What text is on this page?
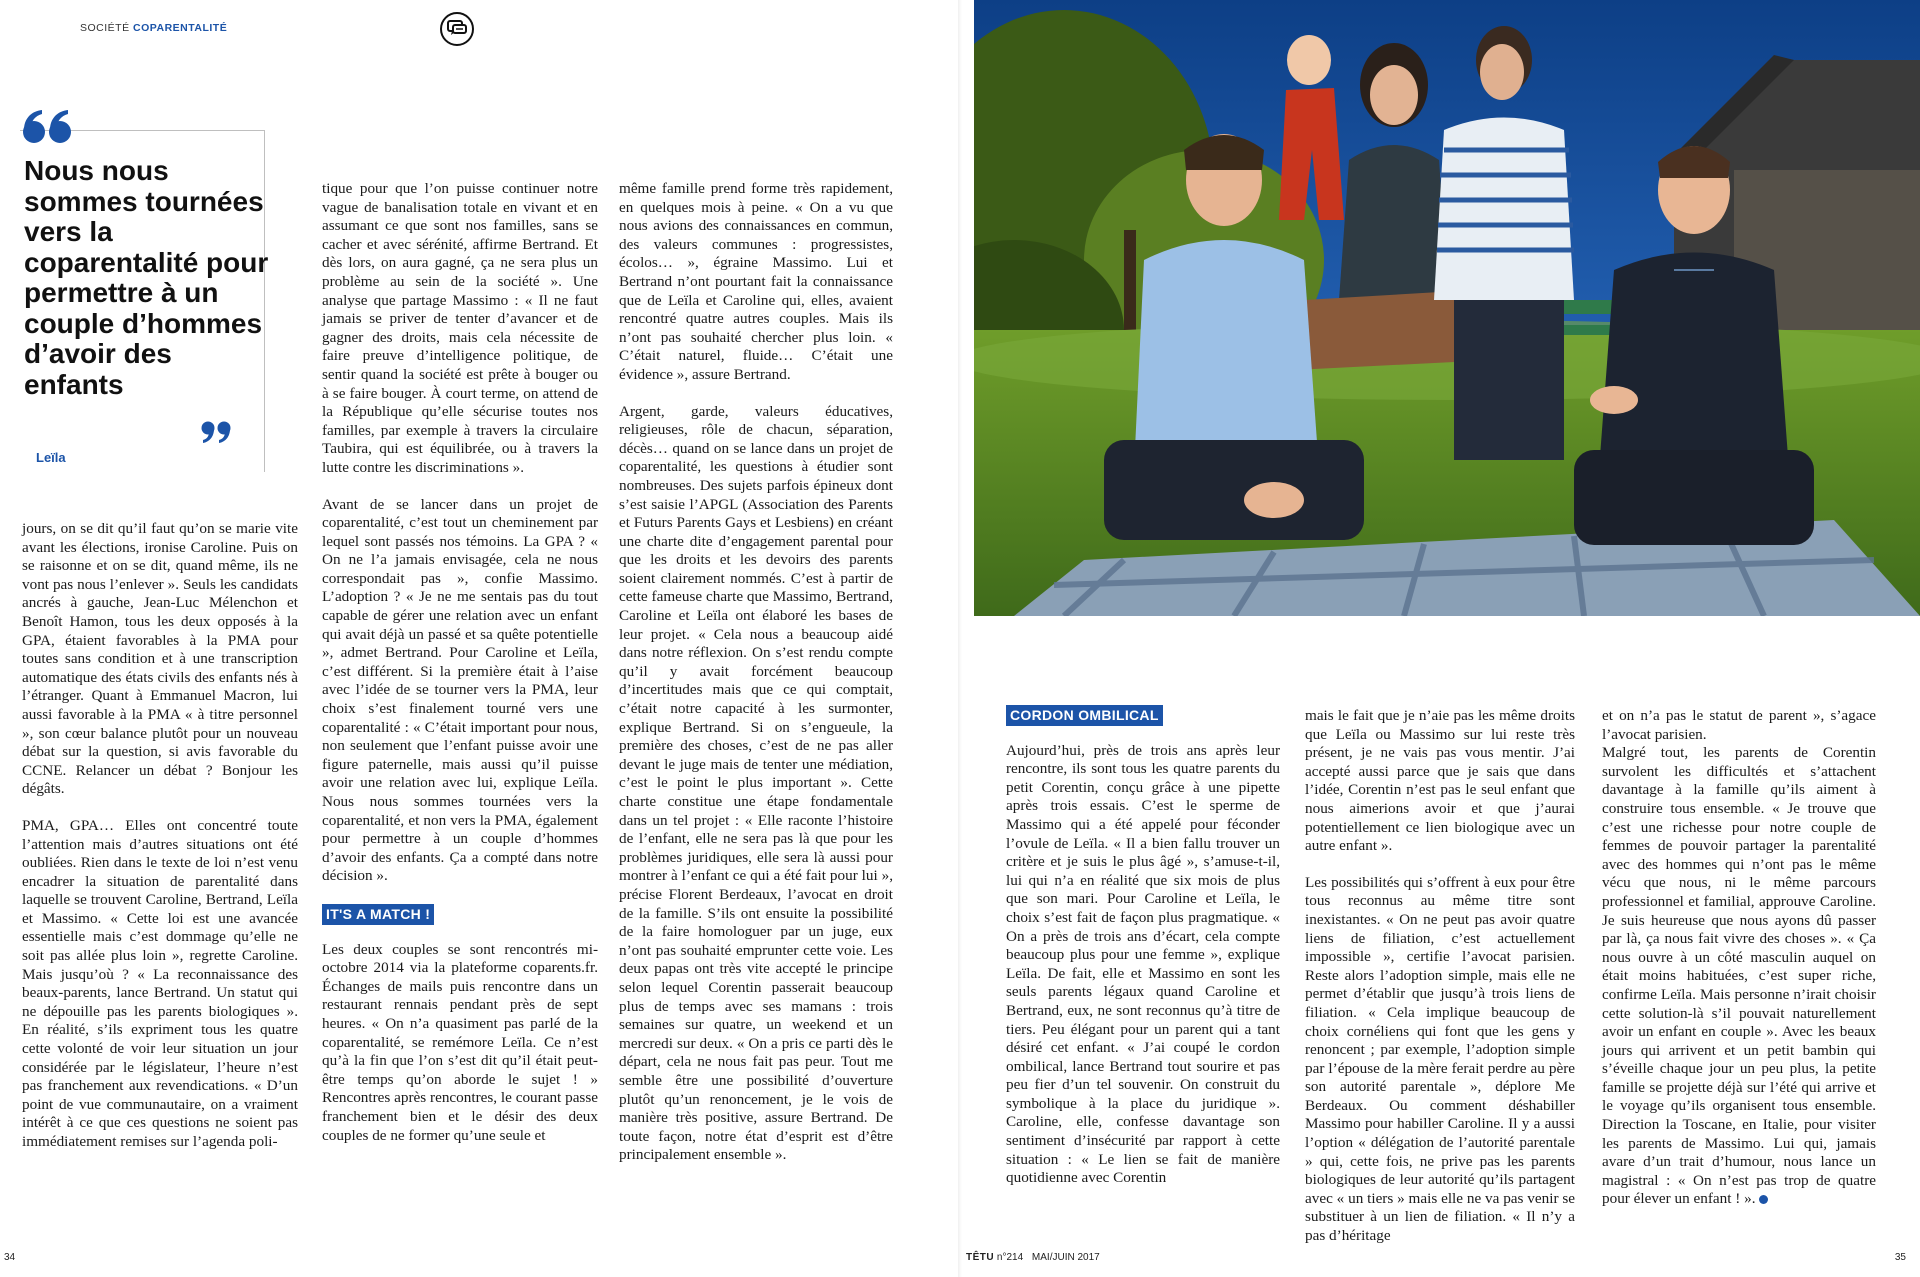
SOCIÉTÉ COPARENTALITÉ
Nous nous sommes tournées vers la coparentalité pour permettre à un couple d’hommes d’avoir des enfants
Leïla

jours, on se dit qu’il faut qu’on se marie vite avant les élections, ironise Caroline. Puis on se raisonne et on se dit, quand même, ils ne vont pas nous l’enlever ». Seuls les candidats ancrés à gauche, Jean-Luc Mélenchon et Benoît Hamon, tous les deux opposés à la GPA, étaient favorables à la PMA pour toutes sans condition et à une transcription automatique des états civils des enfants nés à l’étranger. Quant à Emmanuel Macron, lui aussi favorable à la PMA « à titre personnel », son cœur balance plutôt pour un nouveau débat sur la question, si avis favorable du CCNE. Relancer un débat ? Bonjour les dégâts.

PMA, GPA… Elles ont concentré toute l’attention mais d’autres situations ont été oubliées. Rien dans le texte de loi n’est venu encadrer la situation de parentalité dans laquelle se trouvent Caroline, Bertrand, Leïla et Massimo. « Cette loi est une avancée essentielle mais c’est dommage qu’elle ne soit pas allée plus loin », regrette Caroline. Mais jusqu’où ? « La reconnaissance des beaux-parents, lance Bertrand. Un statut qui ne dépouille pas les parents biologiques ». En réalité, s’ils expriment tous les quatre cette volonté de voir leur situation un jour considérée par le législateur, l’heure n’est pas franchement aux revendications. « D’un point de vue communautaire, on a vraiment intérêt à ce que ces questions ne soient pas immédiatement remises sur l’agenda poli-

tique pour que l’on puisse continuer notre vague de banalisation totale en vivant et en assumant ce que sont nos familles, sans se cacher et avec sérénité, affirme Bertrand. Et dès lors, on aura gagné, ça ne sera plus un problème au sein de la société ». Une analyse que partage Massimo : « Il ne faut jamais se priver de tenter d’avancer et de gagner des droits, mais cela nécessite de faire preuve d’intelligence politique, de sentir quand la société est prête à bouger ou à se faire bouger. À court terme, on attend de la République qu’elle sécurise toutes nos familles, par exemple à travers la circulaire Taubira, qui est équilibrée, ou à travers la lutte contre les discriminations ».

Avant de se lancer dans un projet de coparentalité, c’est tout un cheminement par lequel sont passés nos témoins. La GPA ? « On ne l’a jamais envisagée, cela ne nous correspondait pas », confie Massimo. L’adoption ? « Je ne me sentais pas du tout capable de gérer une relation avec un enfant qui avait déjà un passé et sa quête potentielle », admet Bertrand. Pour Caroline et Leïla, c’est différent. Si la première était à l’aise avec l’idée de se tourner vers la PMA, leur choix s’est finalement tourné vers une coparentalité : « C’était important pour nous, non seulement que l’enfant puisse avoir une figure paternelle, mais aussi qu’il puisse avoir une relation avec lui, explique Leïla. Nous nous sommes tournées vers la coparentalité, et non vers la PMA, également pour permettre à un couple d’hommes d’avoir des enfants. Ça a compté dans notre décision ».

IT'S A MATCH !

Les deux couples se sont rencontrés mi-octobre 2014 via la plateforme coparents.fr. Échanges de mails puis rencontre dans un restaurant rennais pendant près de sept heures. « On n’a quasiment pas parlé de la coparentalité, se remémore Leïla. Ce n’est qu’à la fin que l’on s’est dit qu’il était peut-être temps qu’on aborde le sujet ! » Rencontres après rencontres, le courant passe franchement bien et le désir des deux couples de ne former qu’une seule et

même famille prend forme très rapidement, en quelques mois à peine. « On a vu que nous avions des connaissances en commun, des valeurs communes : progressistes, écolos… », égraine Massimo. Lui et Bertrand n’ont pourtant fait la connaissance que de Leïla et Caroline qui, elles, avaient rencontré quatre autres couples. Mais ils n’ont pas souhaité chercher plus loin. « C’était naturel, fluide… C’était une évidence », assure Bertrand.

Argent, garde, valeurs éducatives, religieuses, rôle de chacun, séparation, décès… quand on se lance dans un projet de coparentalité, les questions à étudier sont nombreuses. Des sujets parfois épineux dont s’est saisie l’APGL (Association des Parents et Futurs Parents Gays et Lesbiens) en créant une charte dite d’engagement parental pour que les droits et les devoirs des parents soient clairement nommés. C’est à partir de cette fameuse charte que Massimo, Bertrand, Caroline et Leïla ont élaboré les bases de leur projet. « Cela nous a beaucoup aidé dans notre réflexion. On s’est rendu compte qu’il y avait forcément beaucoup d’incertitudes mais que ce qui comptait, c’était notre capacité à les surmonter, explique Bertrand. Si on s’engueule, la première des choses, c’est de ne pas aller devant le juge mais de tenter une médiation, c’est le point le plus important ». Cette charte constitue une étape fondamentale dans un tel projet : « Elle raconte l’histoire de l’enfant, elle ne sera pas là que pour les problèmes juridiques, elle sera là aussi pour montrer à l’enfant ce qui a été fait pour lui », précise Florent Berdeaux, l’avocat en droit de la famille. S’ils ont ensuite la possibilité de la faire homologuer par un juge, eux n’ont pas souhaité emprunter cette voie. Les deux papas ont très vite accepté le principe selon lequel Corentin passerait beaucoup plus de temps avec ses mamans : trois semaines sur quatre, un weekend et un mercredi sur deux. « On a pris ce parti dès le départ, cela ne nous fait pas peur. Tout me semble être une possibilité d’ouverture plutôt qu’un renoncement, je le vois de manière très positive, assure Bertrand. De toute façon, notre état d’esprit est d’être principalement ensemble ».

34
CORDON OMBILICAL

Aujourd’hui, près de trois ans après leur rencontre, ils sont tous les quatre parents du petit Corentin, conçu grâce à une pipette après trois essais. C’est le sperme de Massimo qui a été appelé pour féconder l’ovule de Leïla. « Il a bien fallu trouver un critère et je suis le plus âgé », s’amuse-t-il, lui qui n’a en réalité que six mois de plus que son mari. Pour Caroline et Leïla, le choix s’est fait de façon plus pragmatique. « On a près de trois ans d’écart, cela compte beaucoup plus pour une femme », explique Leïla. De fait, elle et Massimo en sont les seuls parents légaux quand Caroline et Bertrand, eux, ne sont reconnus qu’à titre de tiers. Peu élégant pour un parent qui a tant désiré cet enfant. « J’ai coupé le cordon ombilical, lance Bertrand tout sourire et pas peu fier d’un tel souvenir. On construit du symbolique à la place du juridique ». Caroline, elle, confesse davantage son sentiment d’insécurité par rapport à cette situation : « Le lien se fait de manière quotidienne avec Corentin

mais le fait que je n’aie pas les même droits que Leïla ou Massimo sur lui reste très présent, je ne vais pas vous mentir. J’ai accepté aussi parce que je sais que dans l’idée, Corentin n’est pas le seul enfant que nous aimerions avoir et que j’aurai potentiellement ce lien biologique avec un autre enfant ».

Les possibilités qui s’offrent à eux pour être tous reconnus au même titre sont inexistantes. « On ne peut pas avoir quatre liens de filiation, c’est actuellement impossible », certifie l’avocat parisien. Reste alors l’adoption simple, mais elle ne permet d’établir que jusqu’à trois liens de filiation. « Cela implique beaucoup de choix cornéliens qui font que les gens y renoncent ; par exemple, l’adoption simple par l’épouse de la mère ferait perdre au père son autorité parentale », déplore Me Berdeaux. Ou comment déshabiller Massimo pour habiller Caroline. Il y a aussi l’option « délégation de l’autorité parentale » qui, cette fois, ne prive pas les parents biologiques de leur autorité qu’ils partagent avec « un tiers » mais elle ne va pas venir se substituer à un lien de filiation. « Il n’y a pas d’héritage

et on n’a pas le statut de parent », s’agace l’avocat parisien.

Malgré tout, les parents de Corentin survolent les difficultés et s’attachent davantage à la famille qu’ils aiment à construire tous ensemble. « Je trouve que c’est une richesse pour notre couple de femmes de pouvoir partager la parentalité avec des hommes qui n’ont pas le même vécu que nous, ni le même parcours professionnel et familial, approuve Caroline. Je suis heureuse que nous ayons dû passer par là, ça nous fait vivre des choses ». « Ça nous ouvre à un côté masculin auquel on était moins habituées, c’est super riche, confirme Leïla. Mais personne n’irait choisir cette solution-là s’il pouvait naturellement avoir un enfant en couple ». Avec les beaux jours qui arrivent et un petit bambin qui s’éveille chaque jour un peu plus, la petite famille se projette déjà sur l’été qui arrive et le voyage qu’ils organisent tous ensemble. Direction la Toscane, en Italie, pour visiter les parents de Massimo. Lui qui, jamais avare d’un trait d’humour, nous lance un magistral : « On n’est pas trop de quatre pour élever un enfant ! ».

TÊTU n°214 MAI/JUIN 2017	35
